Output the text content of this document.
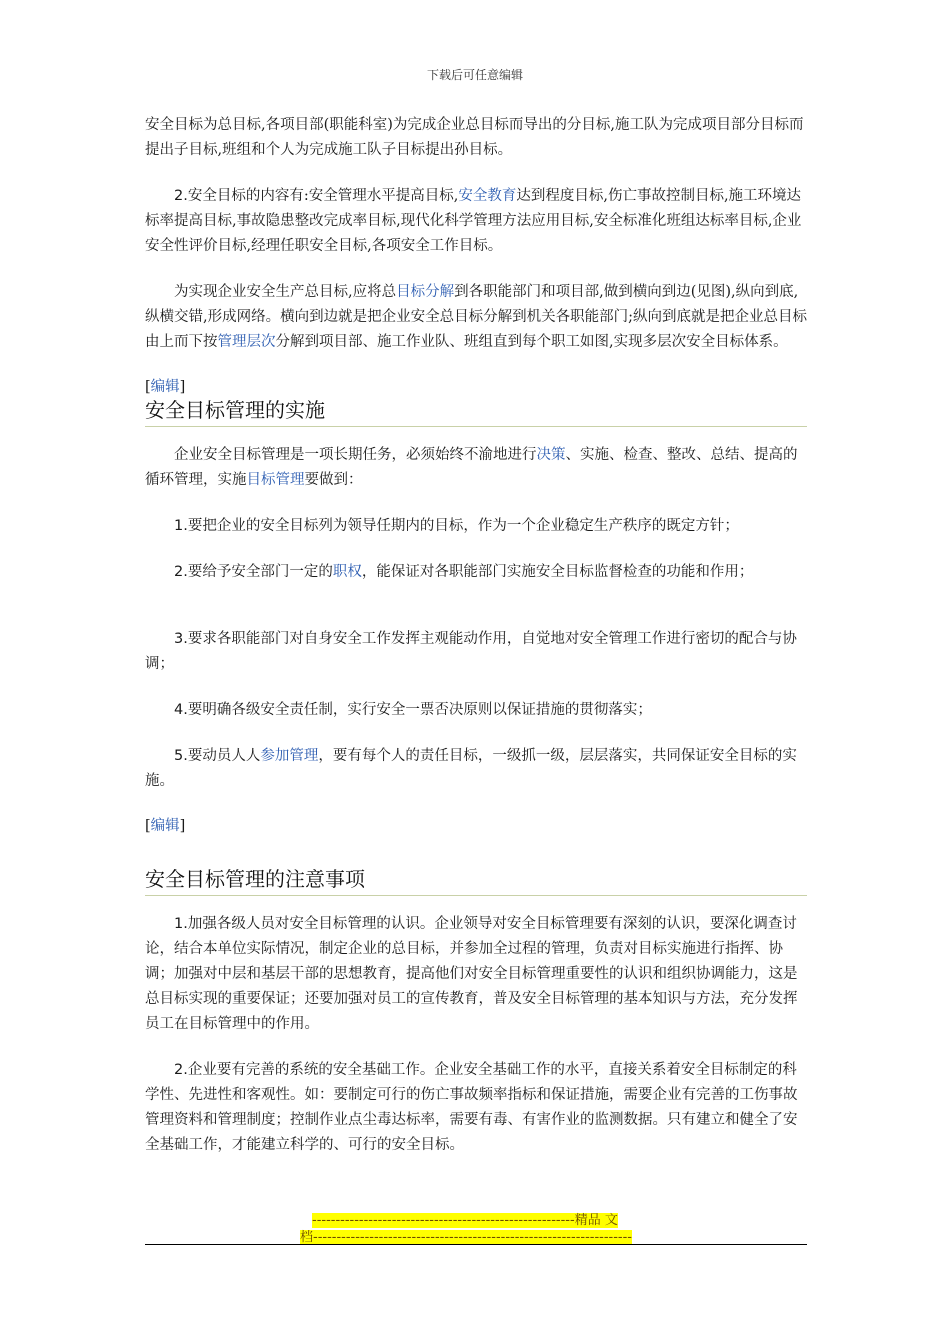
下载后可任意编辑

安全目标为总目标,各项目部(职能科室)为完成企业总目标而导出的分目标,施工队为完成项目部分目标而提出子目标,班组和个人为完成施工队子目标提出孙目标。

2.安全目标的内容有:安全管理水平提高目标,安全教育达到程度目标,伤亡事故控制目标,施工环境达标率提高目标,事故隐患整改完成率目标,现代化科学管理方法应用目标,安全标准化班组达标率目标,企业安全性评价目标,经理任职安全目标,各项安全工作目标。

为实现企业安全生产总目标,应将总目标分解到各职能部门和项目部,做到横向到边(见图),纵向到底,纵横交错,形成网络。横向到边就是把企业安全总目标分解到机关各职能部门;纵向到底就是把企业总目标由上而下按管理层次分解到项目部、施工作业队、班组直到每个职工如图,实现多层次安全目标体系。

[编辑]
安全目标管理的实施

企业安全目标管理是一项长期任务，必须始终不渝地进行决策、实施、检查、整改、总结、提高的循环管理，实施目标管理要做到：

1.要把企业的安全目标列为领导任期内的目标，作为一个企业稳定生产秩序的既定方针；

2.要给予安全部门一定的职权，能保证对各职能部门实施安全目标监督检查的功能和作用；

3.要求各职能部门对自身安全工作发挥主观能动作用，自觉地对安全管理工作进行密切的配合与协调；

4.要明确各级安全责任制，实行安全一票否决原则以保证措施的贯彻落实；

5.要动员人人参加管理，要有每个人的责任目标，一级抓一级，层层落实，共同保证安全目标的实施。

[编辑]
安全目标管理的注意事项

1.加强各级人员对安全目标管理的认识。企业领导对安全目标管理要有深刻的认识，要深化调查讨论，结合本单位实际情况，制定企业的总目标，并参加全过程的管理，负责对目标实施进行指挥、协调；加强对中层和基层干部的思想教育，提高他们对安全目标管理重要性的认识和组织协调能力，这是总目标实现的重要保证；还要加强对员工的宣传教育，普及安全目标管理的基本知识与方法，充分发挥员工在目标管理中的作用。

2.企业要有完善的系统的安全基础工作。企业安全基础工作的水平，直接关系着安全目标制定的科学性、先进性和客观性。如：要制定可行的伤亡事故频率指标和保证措施，需要企业有完善的工伤事故管理资料和管理制度；控制作业点尘毒达标率，需要有毒、有害作业的监测数据。只有建立和健全了安全基础工作，才能建立科学的、可行的安全目标。

--------------------------------------------------------精品 文
档--------------------------------------------------------------------
